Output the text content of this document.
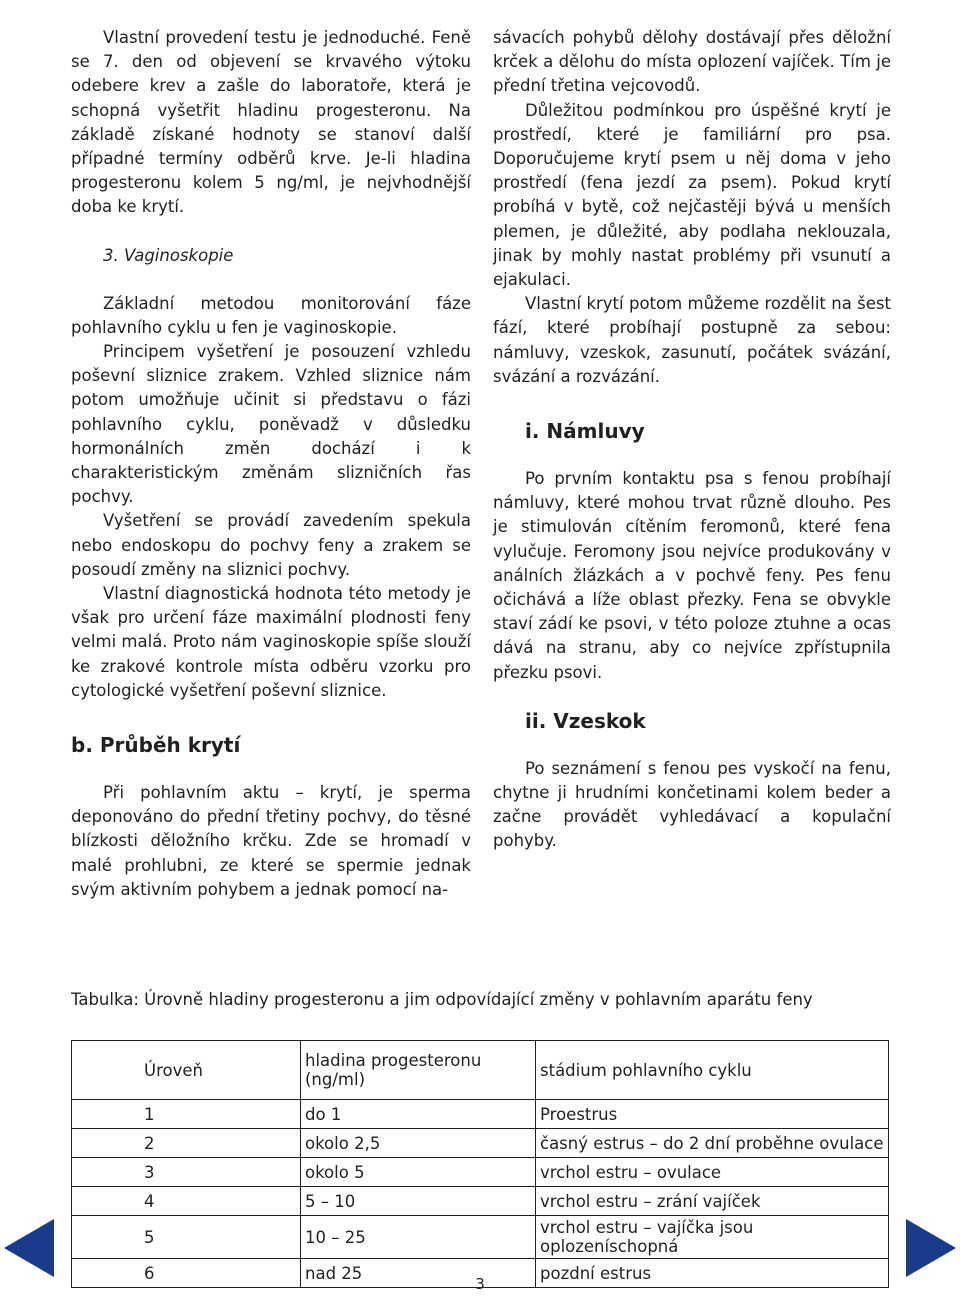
Vlastní provedení testu je jednoduché. Feně se 7. den od objevení se krvavého výtoku odebere krev a zašle do laboratoře, která je schopná vyšetřit hladinu progesteronu. Na základě získané hodnoty se stanoví další případné termíny odběrů krve. Je-li hladina progesteronu kolem 5 ng/ml, je nejvhodnější doba ke krytí.

3. Vaginoskopie

Základní metodou monitorování fáze pohlavního cyklu u fen je vaginoskopie.

Principem vyšetření je posouzení vzhledu poševní sliznice zrakem. Vzhled sliznice nám potom umožňuje učinit si představu o fázi pohlavního cyklu, poněvadž v důsledku hormonálních změn dochází i k charakteristickým změnám slizničních řas pochvy.

Vyšetření se provádí zavedením spekula nebo endoskopu do pochvy feny a zrakem se posoudí změny na sliznici pochvy.

Vlastní diagnostická hodnota této metody je však pro určení fáze maximální plodnosti feny velmi malá. Proto nám vaginoskopie spíše slouží ke zrakové kontrole místa odběru vzorku pro cytologické vyšetření poševní sliznice.

b. Průběh krytí

Při pohlavním aktu – krytí, je sperma deponováno do přední třetiny pochvy, do těsné blízkosti děložního krčku. Zde se hromadí v malé prohlubni, ze které se spermie jednak svým aktivním pohybem a jednak pomocí na-

sávacích pohybů dělohy dostávají přes děložní krček a dělohu do místa oplození vajíček. Tím je přední třetina vejcovodů.

Důležitou podmínkou pro úspěšné krytí je prostředí, které je familiární pro psa. Doporučujeme krytí psem u něj doma v jeho prostředí (fena jezdí za psem). Pokud krytí probíhá v bytě, což nejčastěji bývá u menších plemen, je důležité, aby podlaha neklouzala, jinak by mohly nastat problémy při vsunutí a ejakulaci.

Vlastní krytí potom můžeme rozdělit na šest fází, které probíhají postupně za sebou: námluvy, vzeskok, zasunutí, počátek svázání, svázání a rozvázání.

i. Námluvy

Po prvním kontaktu psa s fenou probíhají námluvy, které mohou trvat různě dlouho. Pes je stimulován cítěním feromonů, které fena vylučuje. Feromony jsou nejvíce produkovány v análních žlázkách a v pochvě feny. Pes fenu očichává a líže oblast přezky. Fena se obvykle staví zádí ke psovi, v této poloze ztuhne a ocas dává na stranu, aby co nejvíce zpřístupnila přezku psovi.

ii. Vzeskok

Po seznámení s fenou pes vyskočí na fenu, chytne ji hrudními končetinami kolem beder a začne provádět vyhledávací a kopulační pohyby.

Tabulka: Úrovně hladiny progesteronu a jim odpovídající změny v pohlavním aparátu feny
Úroveň	hladina progesteronu (ng/ml)	stádium pohlavního cyklu
1	do 1	Proestrus
2	okolo 2,5	časný estrus – do 2 dní proběhne ovulace
3	okolo 5	vrchol estru – ovulace
4	5 – 10	vrchol estru – zrání vajíček
5	10 – 25	vrchol estru – vajíčka jsou oplozeníschopná
6	nad 25	pozdní estrus
3
